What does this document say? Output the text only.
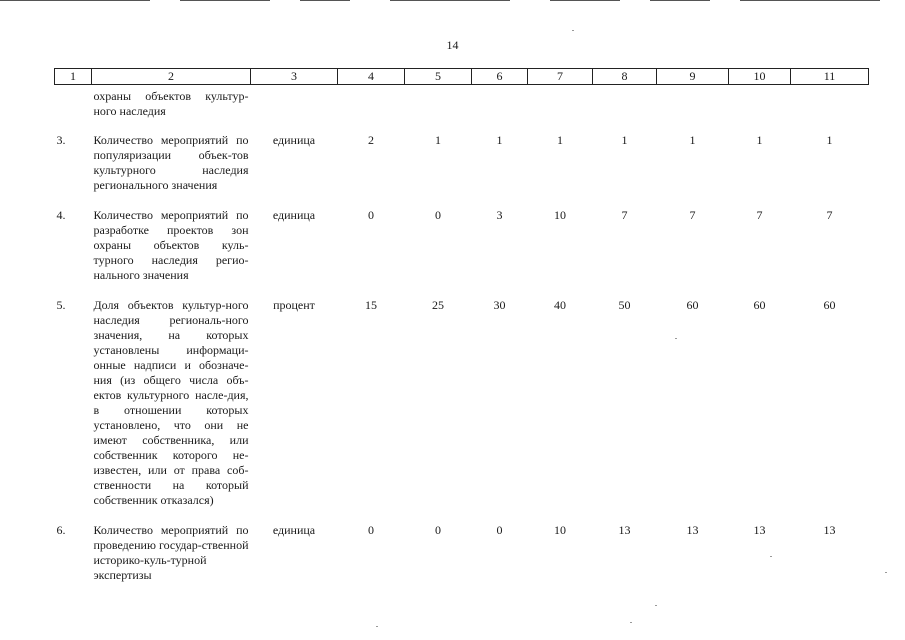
14
1	2	3	4	5	6	7	8	9	10	11
	охраны объектов культур-ного наследия									
3.	Количество мероприятий по популяризации объек-тов культурного наследия регионального значения	единица	2	1	1	1	1	1	1	1
4.	Количество мероприятий по разработке проектов зон охраны объектов куль-турного наследия регио-нального значения	единица	0	0	3	10	7	7	7	7
5.	Доля объектов культур-ного наследия региональ-ного значения, на которых установлены информаци-онные надписи и обозначе-ния (из общего числа объ-ектов культурного насле-дия, в отношении которых установлено, что они не имеют собственника, или собственник которого не-известен, или от права соб-ственности на который собственник отказался)	процент	15	25	30	40	50	60	60	60
6.	Количество мероприятий по проведению государ-ственной историко-куль-турной экспертизы	единица	0	0	0	10	13	13	13	13
